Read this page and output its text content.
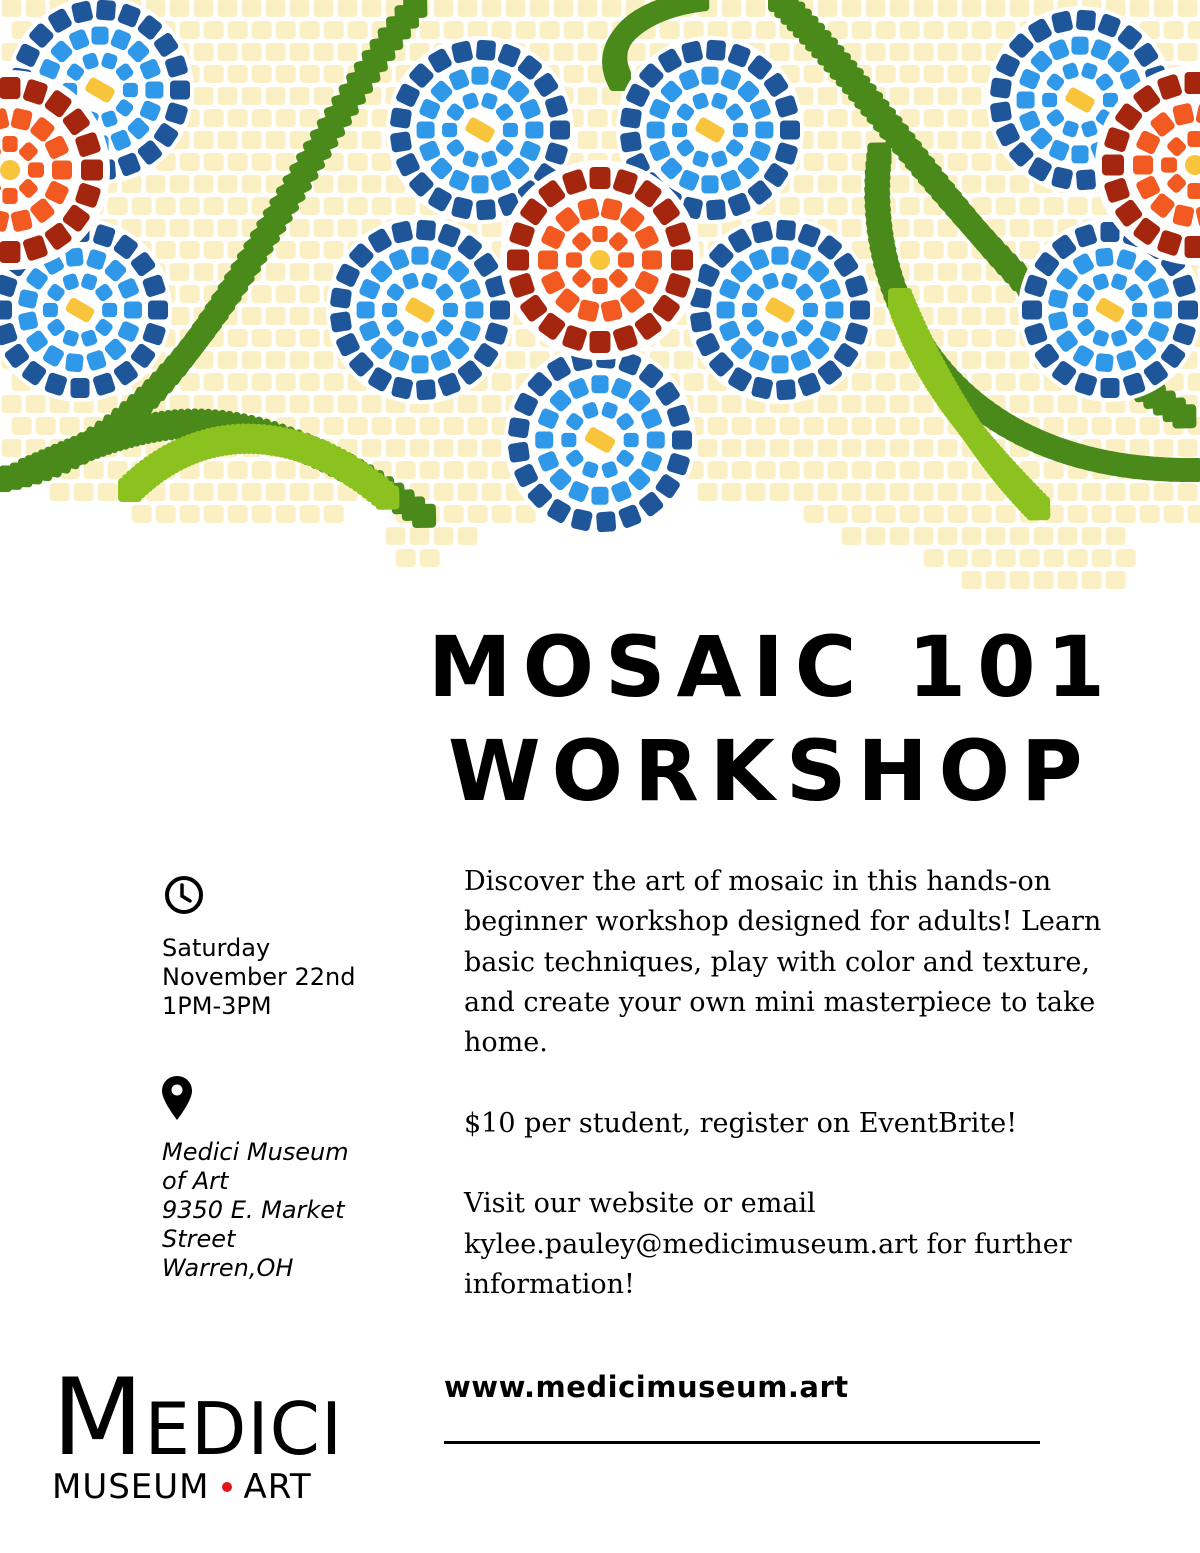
MOSAIC 101
WORKSHOP
Saturday
November 22nd
1PM-3PM
Medici Museum
of Art
9350 E. Market
Street
Warren,OH

Discover the art of mosaic in this hands-on beginner workshop designed for adults! Learn basic techniques, play with color and texture, and create your own mini masterpiece to take home.

$10 per student, register on EventBrite!

Visit our website or email kylee.pauley@medicimuseum.art for further information!

www.medicimuseum.art
MEDICI
MUSEUM ART
